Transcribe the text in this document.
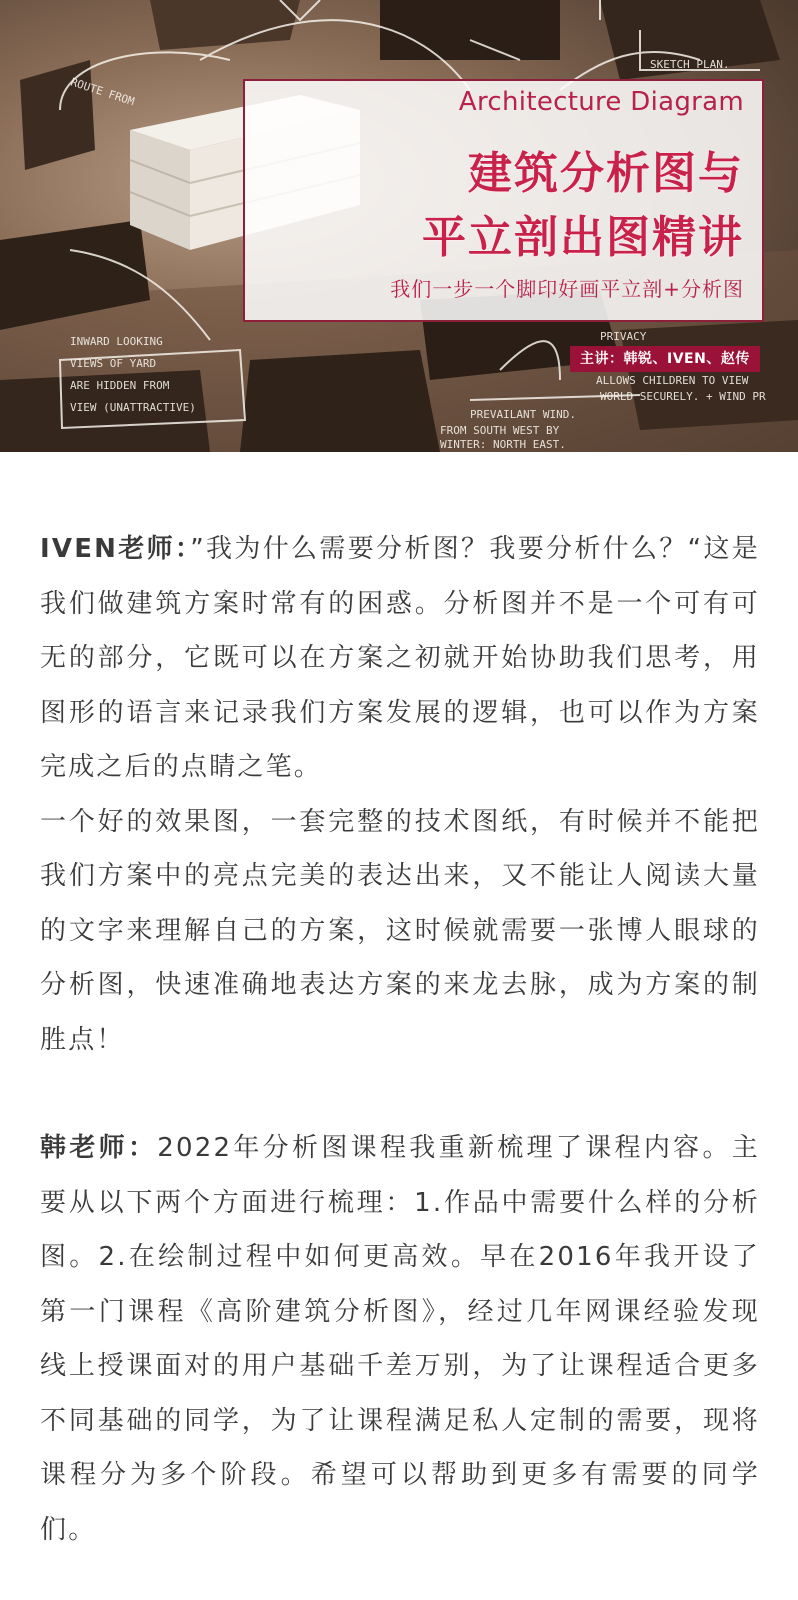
SKETCH PLAN.
ROUTE FROM
INWARD LOOKING
VIEWS OF YARD
ARE HIDDEN FROM
VIEW (UNATTRACTIVE)
PRIVACY
ALLOWS CHILDREN TO VIEW
WORLD SECURELY. + WIND PR
PREVAILANT WIND.
FROM SOUTH WEST BY
WINTER: NORTH EAST.
Architecture Diagram
建筑分析图与
平立剖出图精讲
我们一步一个脚印好画平立剖+分析图
主讲：韩锐、IVEN、赵传

IVEN老师：”我为什么需要分析图？我要分析什么？“这是我们做建筑方案时常有的困惑。分析图并不是一个可有可无的部分，它既可以在方案之初就开始协助我们思考，用图形的语言来记录我们方案发展的逻辑，也可以作为方案完成之后的点睛之笔。

一个好的效果图，一套完整的技术图纸，有时候并不能把我们方案中的亮点完美的表达出来，又不能让人阅读大量的文字来理解自己的方案，这时候就需要一张博人眼球的分析图，快速准确地表达方案的来龙去脉，成为方案的制胜点！

韩老师：2022年分析图课程我重新梳理了课程内容。主要从以下两个方面进行梳理：1.作品中需要什么样的分析图。2.在绘制过程中如何更高效。早在2016年我开设了第一门课程《高阶建筑分析图》，经过几年网课经验发现线上授课面对的用户基础千差万别，为了让课程适合更多不同基础的同学，为了让课程满足私人定制的需要，现将课程分为多个阶段。希望可以帮助到更多有需要的同学们。
